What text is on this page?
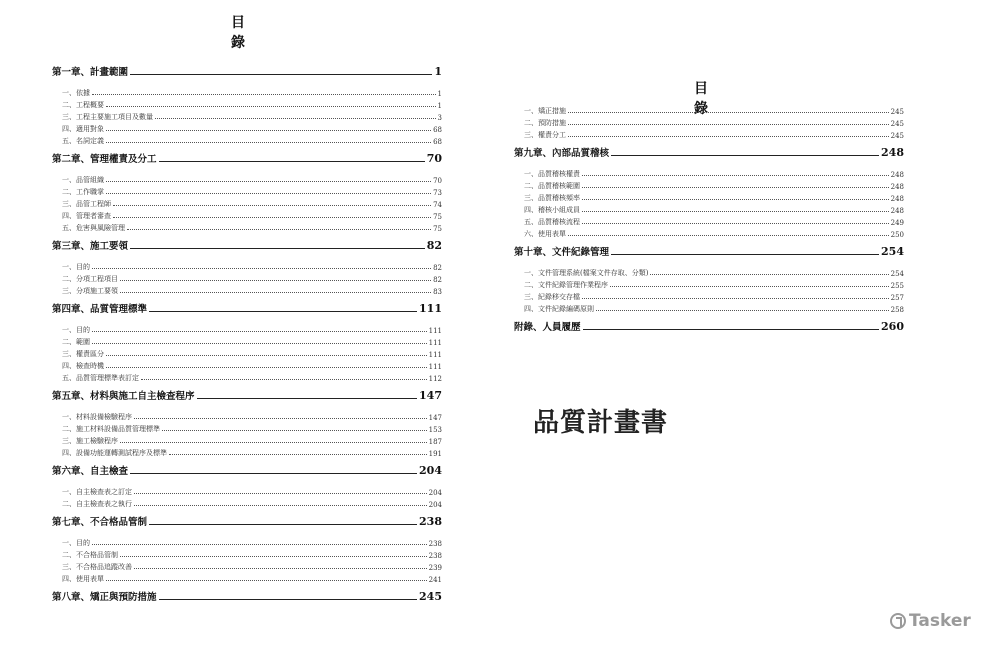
目錄
第一章、計畫範圍	1
一、依據	1
二、工程概要	1
三、工程主要施工項目及數量	3
四、適用對象	68
五、名詞定義	68
第二章、管理權責及分工	70
一、品管組織	70
二、工作職掌	73
三、品管工程師	74
四、管理者審查	75
五、危害與風險管理	75
第三章、施工要領	82
一、目的	82
二、分項工程項目	82
三、分項施工要領	83
第四章、品質管理標準	111
一、目的	111
二、範圍	111
三、權責區分	111
四、檢查時機	111
五、品質管理標準表訂定	112
第五章、材料與施工自主檢查程序	147
一、材料設備檢驗程序	147
二、施工材料設備品質管理標準	153
三、施工檢驗程序	187
四、設備功能運轉測試程序及標準	191
第六章、自主檢查	204
一、自主檢查表之訂定	204
二、自主檢查表之執行	204
第七章、不合格品管制	238
一、目的	238
二、不合格品管制	238
三、不合格品追蹤改善	239
四、使用表單	241
第八章、矯正與預防措施	245
目錄
一、矯正措施	245
二、預防措施	245
三、權責分工	245
第九章、內部品質稽核	248
一、品質稽核權責	248
二、品質稽核範圍	248
三、品質稽核頻率	248
四、稽核小組成員	248
五、品質稽核流程	249
六、使用表單	250
第十章、文件紀錄管理	254
一、文件管理系統(檔案文件存取、分類)	254
二、文件紀錄管理作業程序	255
三、紀錄移交存檔	257
四、文件紀錄編碼原則	258
附錄、人員履歷	260
品質計畫書
Tasker
